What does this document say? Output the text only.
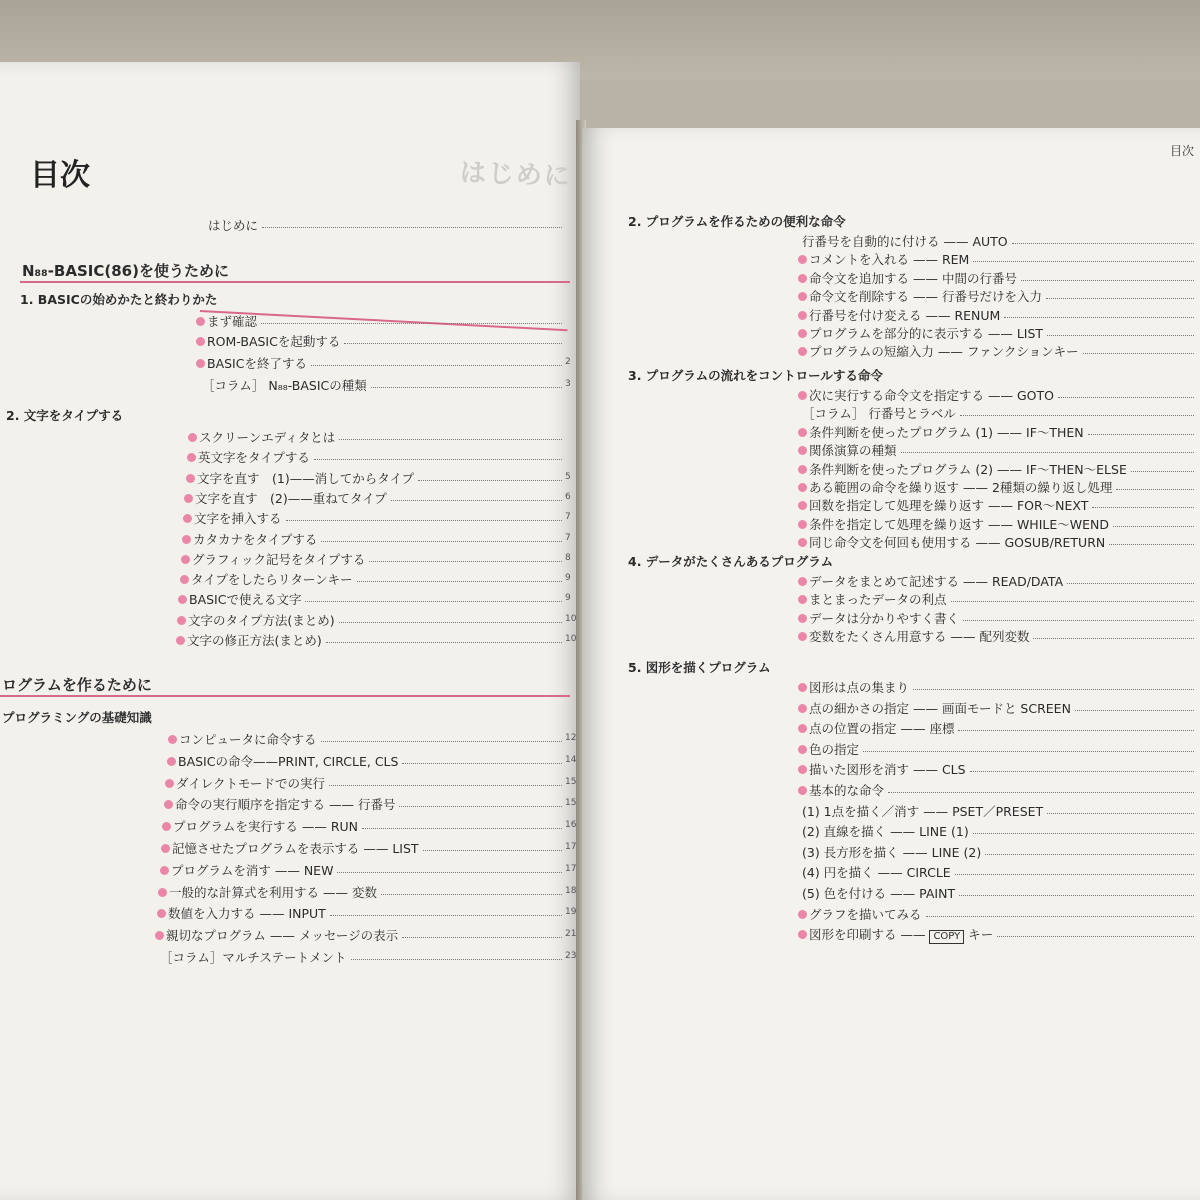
はじめに
目次
はじめに
N₈₈-BASIC(86)を使うために
1. BASICの始めかたと終わりかた
まず確認
ROM-BASICを起動する
BASICを終了する	2
［コラム］ N₈₈-BASICの種類	3
2. 文字をタイプする
スクリーンエディタとは
英文字をタイプする
文字を直す　(1)——消してからタイプ	5
文字を直す　(2)——重ねてタイプ	6
文字を挿入する	7
カタカナをタイプする	7
グラフィック記号をタイプする	8
タイプをしたらリターンキー	9
BASICで使える文字	9
文字のタイプ方法(まとめ)	10
文字の修正方法(まとめ)	10
ログラムを作るために
プログラミングの基礎知識
コンピュータに命令する	12
BASICの命令——PRINT, CIRCLE, CLS	14
ダイレクトモードでの実行	15
命令の実行順序を指定する —— 行番号	15
プログラムを実行する —— RUN	16
記憶させたプログラムを表示する —— LIST	17
プログラムを消す —— NEW	17
一般的な計算式を利用する —— 変数	18
数値を入力する —— INPUT	19
親切なプログラム —— メッセージの表示	21
［コラム］マルチステートメント	23
目次
2. プログラムを作るための便利な命令
行番号を自動的に付ける —— AUTO
コメントを入れる —— REM
命令文を追加する —— 中間の行番号
命令文を削除する —— 行番号だけを入力
行番号を付け変える —— RENUM
プログラムを部分的に表示する —— LIST
プログラムの短縮入力 —— ファンクションキー
3. プログラムの流れをコントロールする命令
次に実行する命令文を指定する —— GOTO
［コラム］ 行番号とラベル
条件判断を使ったプログラム (1) —— IF～THEN
関係演算の種類
条件判断を使ったプログラム (2) —— IF～THEN～ELSE
ある範囲の命令を繰り返す —— 2種類の繰り返し処理
回数を指定して処理を繰り返す —— FOR～NEXT
条件を指定して処理を繰り返す —— WHILE～WEND
同じ命令文を何回も使用する —— GOSUB/RETURN
4. データがたくさんあるプログラム
データをまとめて記述する —— READ/DATA
まとまったデータの利点
データは分かりやすく書く
変数をたくさん用意する —— 配列変数
5. 図形を描くプログラム
図形は点の集まり
点の細かさの指定 —— 画面モードと SCREEN
点の位置の指定 —— 座標
色の指定
描いた図形を消す —— CLS
基本的な命令
(1) 1点を描く／消す —— PSET／PRESET
(2) 直線を描く —— LINE (1)
(3) 長方形を描く —— LINE (2)
(4) 円を描く —— CIRCLE
(5) 色を付ける —— PAINT
グラフを描いてみる
図形を印刷する —— COPY キー
